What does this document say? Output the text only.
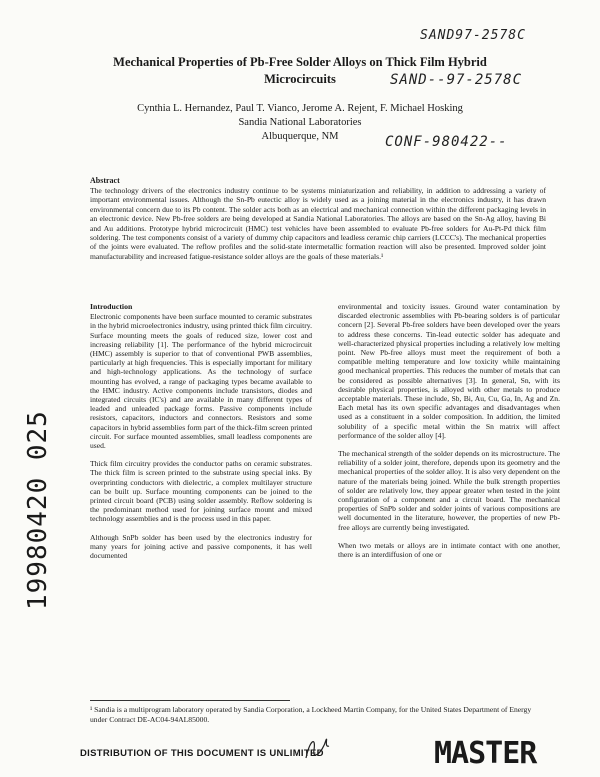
SAND97-2578C
Mechanical Properties of Pb-Free Solder Alloys on Thick Film Hybrid
Microcircuits	SAND--97-2578C
Cynthia L. Hernandez, Paul T. Vianco, Jerome A. Rejent, F. Michael Hosking
Sandia National Laboratories
Albuquerque, NM	CONF-980422--
Abstract
The technology drivers of the electronics industry continue to be systems miniaturization and reliability, in addition to addressing a variety of important environmental issues. Although the Sn-Pb eutectic alloy is widely used as a joining material in the electronics industry, it has drawn environmental concern due to its Pb content. The solder acts both as an electrical and mechanical connection within the different packaging levels in an electronic device. New Pb-free solders are being developed at Sandia National Laboratories. The alloys are based on the Sn-Ag alloy, having Bi and Au additions. Prototype hybrid microcircuit (HMC) test vehicles have been assembled to evaluate Pb-free solders for Au-Pt-Pd thick film soldering. The test components consist of a variety of dummy chip capacitors and leadless ceramic chip carriers (LCCC's). The mechanical properties of the joints were evaluated. The reflow profiles and the solid-state intermetallic formation reaction will also be presented. Improved solder joint manufacturability and increased fatigue-resistance solder alloys are the goals of these materials.¹
Introduction

Electronic components have been surface mounted to ceramic substrates in the hybrid microelectronics industry, using printed thick film circuitry. Surface mounting meets the goals of reduced size, lower cost and increasing reliability [1]. The performance of the hybrid microcircuit (HMC) assembly is superior to that of conventional PWB assemblies, particularly at high frequencies. This is especially important for military and high-technology applications. As the technology of surface mounting has evolved, a range of packaging types became available to the HMC industry. Active components include transistors, diodes and integrated circuits (IC's) and are available in many different types of leaded and unleaded package forms. Passive components include resistors, capacitors, inductors and connectors. Resistors and some capacitors in hybrid assemblies form part of the thick-film screen printed circuit. For surface mounted assemblies, small leadless components are used.

Thick film circuitry provides the conductor paths on ceramic substrates. The thick film is screen printed to the substrate using special inks. By overprinting conductors with dielectric, a complex multilayer structure can be built up. Surface mounting components can be joined to the printed circuit board (PCB) using solder assembly. Reflow soldering is the predominant method used for joining surface mount and mixed technology assemblies and is the process used in this paper.

Although SnPb solder has been used by the electronics industry for many years for joining active and passive components, it has well documented

environmental and toxicity issues. Ground water contamination by discarded electronic assemblies with Pb-bearing solders is of particular concern [2]. Several Pb-free solders have been developed over the years to address these concerns. Tin-lead eutectic solder has adequate and well-characterized physical properties including a relatively low melting point. New Pb-free alloys must meet the requirement of both a compatible melting temperature and low toxicity while maintaining good mechanical properties. This reduces the number of metals that can be considered as possible alternatives [3]. In general, Sn, with its desirable physical properties, is alloyed with other metals to produce acceptable materials. These include, Sb, Bi, Au, Cu, Ga, In, Ag and Zn. Each metal has its own specific advantages and disadvantages when used as a constituent in a solder composition. In addition, the limited solubility of a specific metal within the Sn matrix will affect performance of the solder alloy [4].

The mechanical strength of the solder depends on its microstructure. The reliability of a solder joint, therefore, depends upon its geometry and the mechanical properties of the solder alloy. It is also very dependent on the nature of the materials being joined. While the bulk strength properties of solder are relatively low, they appear greater when tested in the joint configuration of a component and a circuit board. The mechanical properties of SnPb solder and solder joints of various compositions are well documented in the literature, however, the properties of new Pb-free alloys are currently being investigated.

When two metals or alloys are in intimate contact with one another, there is an interdiffusion of one or

¹ Sandia is a multiprogram laboratory operated by Sandia Corporation, a Lockheed Martin Company, for the United States Department of Energy under Contract DE-AC04-94AL85000.
DISTRIBUTION OF THIS DOCUMENT IS UNLIMITED	MASTER
19980420 025
